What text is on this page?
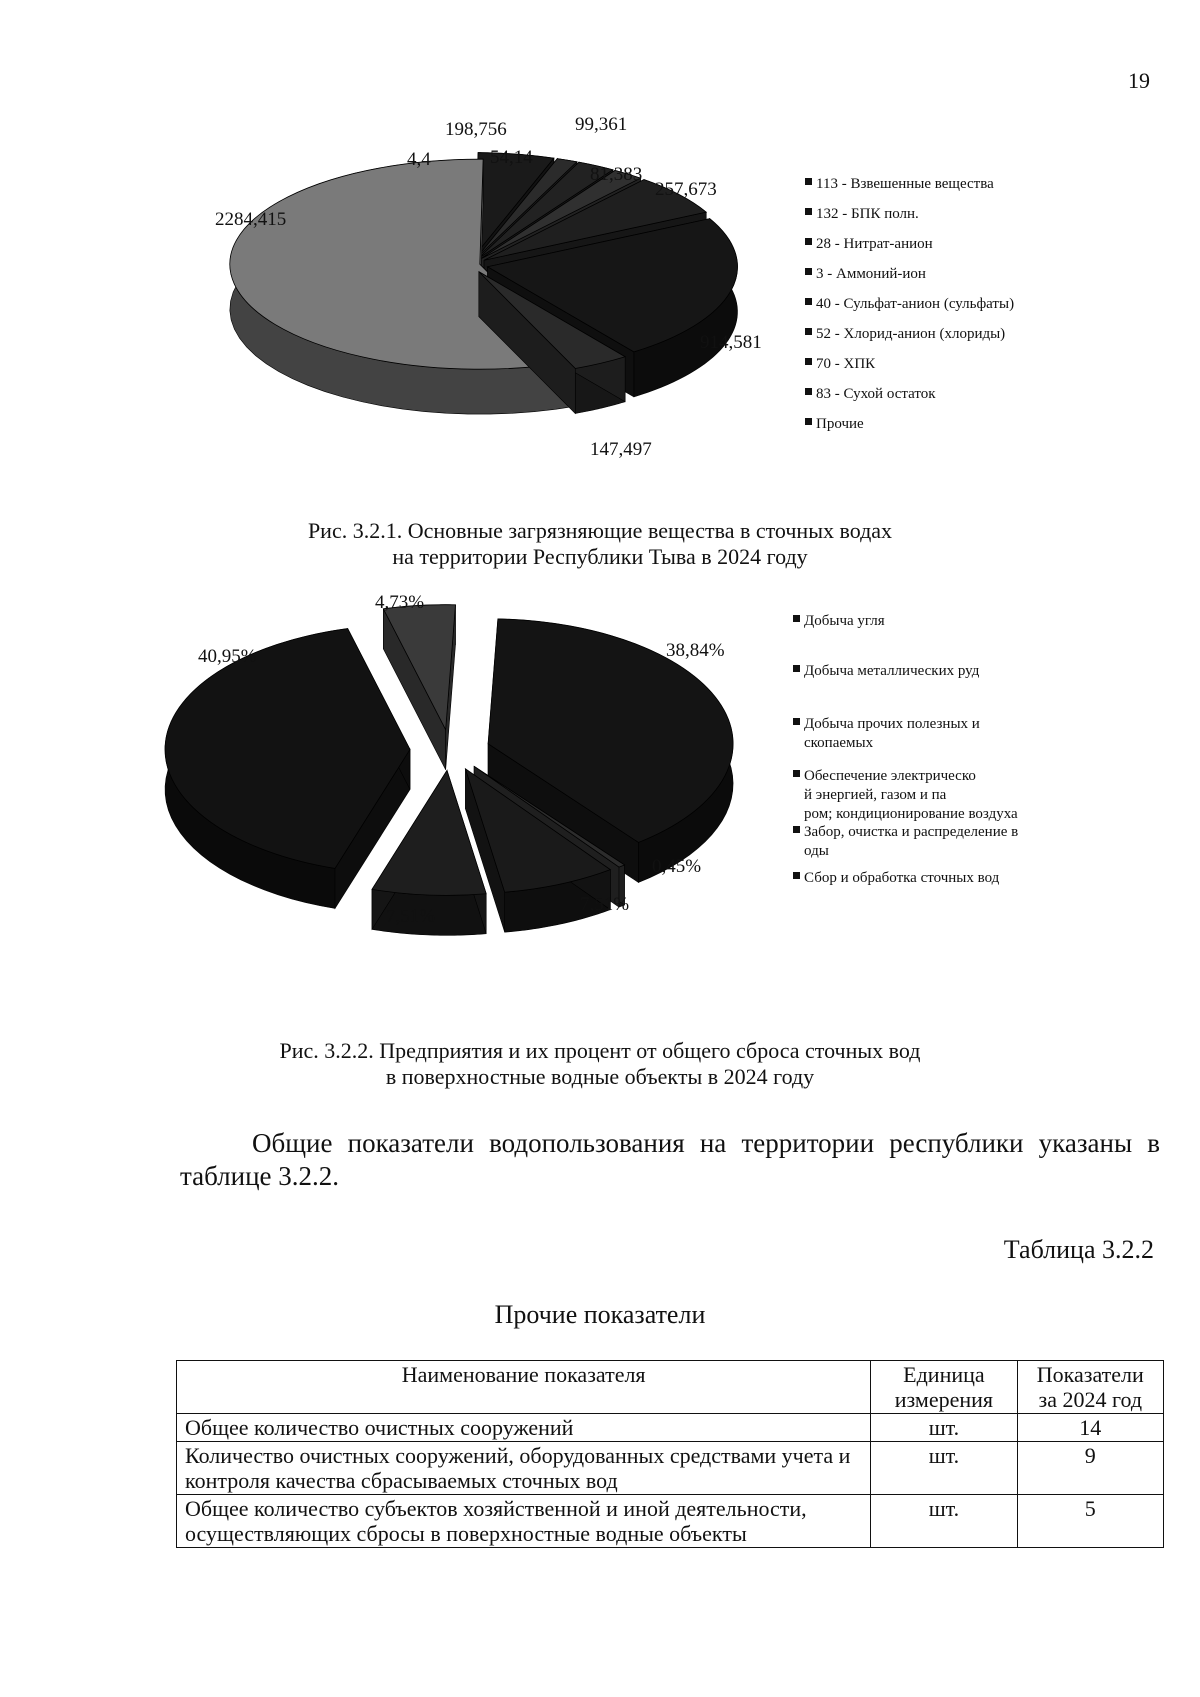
19
2284,415
4,4
198,756
54,14
99,361
81,383
257,673
914,581
147,497
113 - Взвешенные вещества
132 - БПК полн.
28 - Нитрат-анион
3 - Аммоний-ион
40 - Сульфат-анион (сульфаты)
52 - Хлорид-анион (хлориды)
70 - ХПК
83 - Сухой остаток
Прочие
Рис. 3.2.1. Основные загрязняющие вещества в сточных водах
на территории Республики Тыва в 2024 году
4,73%
40,95%	38,84%
0,45%
7,51%
7,51%
Добыча угля
Добыча металлических руд
Добыча прочих полезных и скопаемых
Обеспечение электрическо й энергией, газом и па ром; кондиционирование воздуха
Забор, очистка и распределение в оды
Сбор и обработка сточных вод
Рис. 3.2.2. Предприятия и их процент от общего сброса сточных вод
в поверхностные водные объекты в 2024 году
Общие показатели водопользования на территории республики указаны в таблице 3.2.2.
Таблица 3.2.2
Прочие показатели
Наименование показателя	Единица измерения	Показатели за 2024 год
Общее количество очистных сооружений	шт.	14
Количество очистных сооружений, оборудованных средствами учета и контроля качества сбрасываемых сточных вод	шт.	9
Общее количество субъектов хозяйственной и иной деятельности, осуществляющих сбросы в поверхностные водные объекты	шт.	5
